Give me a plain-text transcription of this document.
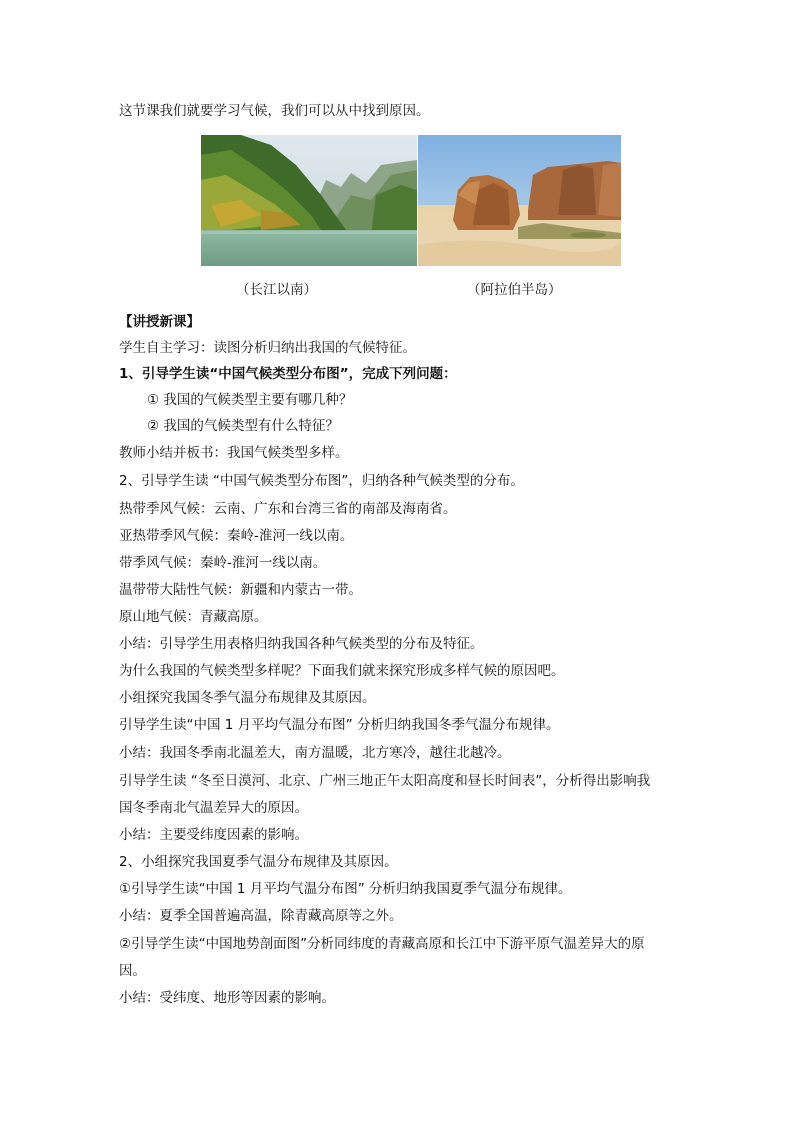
这节课我们就要学习气候，我们可以从中找到原因。
（长江以南）	（阿拉伯半岛）
【讲授新课】
学生自主学习：读图分析归纳出我国的气候特征。
1、引导学生读“中国气候类型分布图”，完成下列问题：
① 我国的气候类型主要有哪几种？
② 我国的气候类型有什么特征？
教师小结并板书：我国气候类型多样。
2、引导学生读 “中国气候类型分布图”，归纳各种气候类型的分布。
热带季风气候：云南、广东和台湾三省的南部及海南省。
亚热带季风气候：秦岭-淮河一线以南。
带季风气候：秦岭-淮河一线以南。
温带带大陆性气候：新疆和内蒙古一带。
原山地气候：青藏高原。
小结：引导学生用表格归纳我国各种气候类型的分布及特征。
为什么我国的气候类型多样呢？下面我们就来探究形成多样气候的原因吧。
小组探究我国冬季气温分布规律及其原因。
引导学生读“中国 1 月平均气温分布图” 分析归纳我国冬季气温分布规律。
小结：我国冬季南北温差大，南方温暖，北方寒冷，越往北越冷。
引导学生读 “冬至日漠河、北京、广州三地正午太阳高度和昼长时间表”，分析得出影响我
国冬季南北气温差异大的原因。
小结：主要受纬度因素的影响。
2、小组探究我国夏季气温分布规律及其原因。
①引导学生读“中国 1 月平均气温分布图” 分析归纳我国夏季气温分布规律。
小结：夏季全国普遍高温，除青藏高原等之外。
②引导学生读“中国地势剖面图”分析同纬度的青藏高原和长江中下游平原气温差异大的原
因。
小结：受纬度、地形等因素的影响。
